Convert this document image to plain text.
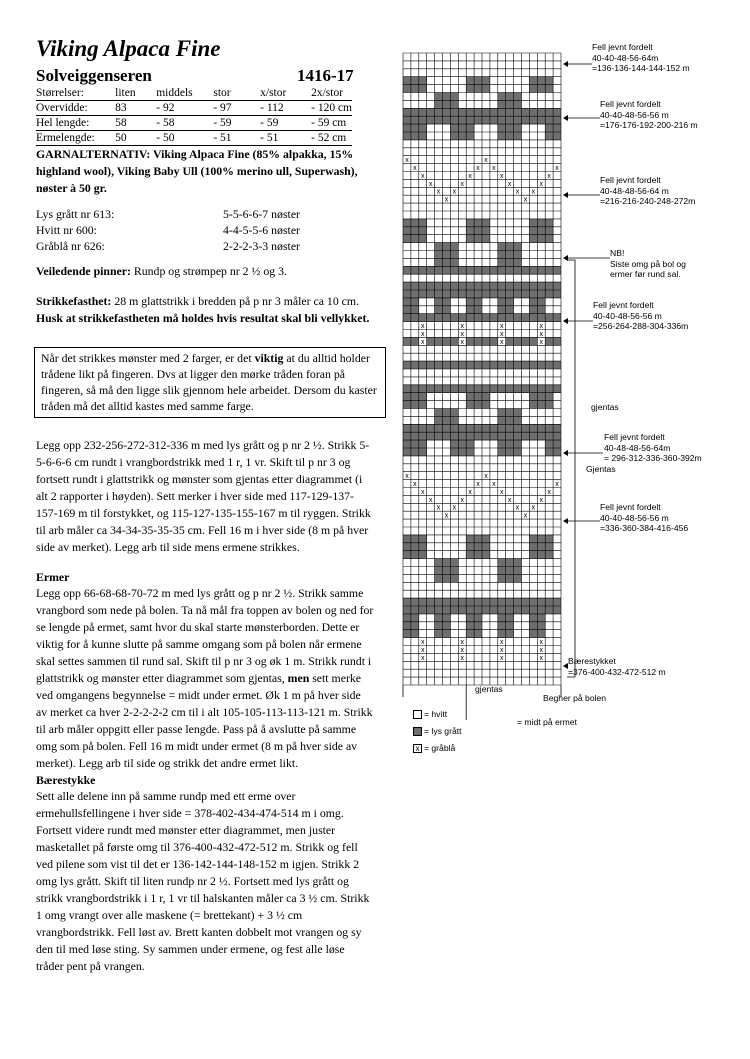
Viking Alpaca Fine
Solveiggenseren	1416-17
Størrelser:	liten	middels	stor	x/stor	2x/stor
Overvidde:	83	- 92	- 97	- 112	- 120 cm
Hel lengde:	58	- 58	- 59	- 59	- 59 cm
Ermelengde:	50	- 50	- 51	- 51	- 52 cm

GARNALTERNATIV: Viking Alpaca Fine (85% alpakka, 15% highland wool), Viking Baby Ull (100% merino ull, Superwash), nøster à 50 gr.

Lys grått nr 613:	5-5-6-6-7 nøster
Hvitt nr 600:	4-4-5-5-6 nøster
Gråblå nr 626:	2-2-2-3-3 nøster

Veiledende pinner: Rundp og strømpep nr 2 ½ og 3.

Strikkefasthet: 28 m glattstrikk i bredden på p nr 3 måler ca 10 cm. Husk at strikkefastheten må holdes hvis resultat skal bli vellykket.

Når det strikkes mønster med 2 farger, er det viktig at du alltid holder trådene likt på fingeren. Dvs at ligger den mørke tråden foran på fingeren, så må den ligge slik gjennom hele arbeidet. Dersom du kaster tråden må det alltid kastes med samme farge.

Legg opp 232-256-272-312-336 m med lys grått og p nr 2 ½. Strikk 5-5-6-6-6 cm rundt i vrangbordstrikk med 1 r, 1 vr. Skift til p nr 3 og fortsett rundt i glattstrikk og mønster som gjentas etter diagrammet (i alt 2 rapporter i høyden). Sett merker i hver side med 117-129-137-157-169 m til forstykket, og 115-127-135-155-167 m til ryggen. Strikk til arb måler ca 34-34-35-35-35 cm. Fell 16 m i hver side (8 m på hver side av merket). Legg arb til side mens ermene strikkes.

Ermer

Legg opp 66-68-68-70-72 m med lys grått og p nr 2 ½. Strikk samme vrangbord som nede på bolen. Ta nå mål fra toppen av bolen og ned for se lengde på ermet, samt hvor du skal starte mønsterborden. Dette er viktig for å kunne slutte på samme omgang som på bolen når ermene skal settes sammen til rund sal. Skift til p nr 3 og øk 1 m. Strikk rundt i glattstrikk og mønster etter diagrammet som gjentas, men sett merke ved omgangens begynnelse = midt under ermet. Øk 1 m på hver side av merket ca hver 2-2-2-2-2 cm til i alt 105-105-113-113-121 m. Strikk til arb måler oppgitt eller passe lengde. Pass på å avslutte på samme omg som på bolen. Fell 16 m midt under ermet (8 m på hver side av merket). Legg arb til side og strikk det andre ermet likt.

Bærestykke

Sett alle delene inn på samme rundp med ett erme over ermehullsfellingene i hver side = 378-402-434-474-514 m i omg. Fortsett videre rundt med mønster etter diagrammet, men juster masketallet på første omg til 376-400-432-472-512 m. Strikk og fell ved pilene som vist til det er 136-142-144-148-152 m igjen. Strikk 2 omg lys grått. Skift til liten rundp nr 2 ½. Fortsett med lys grått og strikk vrangbordstrikk i 1 r, 1 vr til halskanten måler ca 3 ½ cm. Strikk 1 omg vrangt over alle maskene (= brettekant) + 3 ½ cm vrangbordstrikk. Fell løst av. Brett kanten dobbelt mot vrangen og sy den til med løse sting. Sy sammen under ermene, og fest alle løse tråder pent på vrangen.

x	x
x	x x	x
x	x	x	x
x	x	x	x
x x	x x
x	x
x	x	x	x
x	x	x	x
x	x	x	x
x	x
x	x x	x
x	x	x	x
x	x	x	x
x x	x x
x	x
x	x	x	x
x	x	x	x
x	x	x	x
Fell jevnt fordelt
40-40-48-56-64m
=136-136-144-144-152 m
Fell jevnt fordelt
40-40-48-56-56 m
=176-176-192-200-216 m
Fell jevnt fordelt
40-48-48-56-64 m
=216-216-240-248-272m
NB!
Siste omg på bol og
ermer før rund sal.
Fell jevnt fordelt
40-40-48-56-56 m
=256-264-288-304-336m
gjentas
Fell jevnt fordelt
40-48-48-56-64m
= 296-312-336-360-392m
Gjentas
Fell jevnt fordelt
40-40-48-56-56 m
=336-360-384-416-456
Bærestykket
=376-400-432-472-512 m
gjentas
= midt på ermet
Begher på bolen
= hvitt
= lys grått
x = gråblå
